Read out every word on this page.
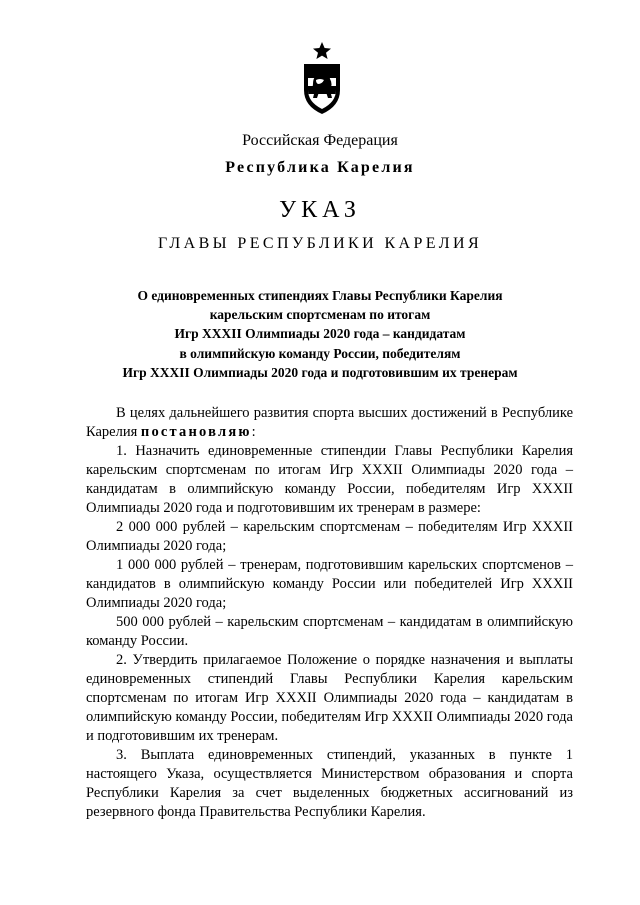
Российская Федерация
Республика Карелия
УКАЗ
ГЛАВЫ РЕСПУБЛИКИ КАРЕЛИЯ
О единовременных стипендиях Главы Республики Карелия
карельским спортсменам по итогам
Игр XXXII Олимпиады 2020 года – кандидатам
в олимпийскую команду России, победителям
Игр XXXII Олимпиады 2020 года и подготовившим их тренерам

В целях дальнейшего развития спорта высших достижений в Республике Карелия постановляю:

1. Назначить единовременные стипендии Главы Республики Карелия карельским спортсменам по итогам Игр XXXII Олимпиады 2020 года – кандидатам в олимпийскую команду России, победителям Игр XXXII Олимпиады 2020 года и подготовившим их тренерам в размере:

2 000 000 рублей – карельским спортсменам – победителям Игр XXXII Олимпиады 2020 года;

1 000 000 рублей – тренерам, подготовившим карельских спортсменов – кандидатов в олимпийскую команду России или победителей Игр XXXII Олимпиады 2020 года;

500 000 рублей – карельским спортсменам – кандидатам в олимпийскую команду России.

2. Утвердить прилагаемое Положение о порядке назначения и выплаты единовременных стипендий Главы Республики Карелия карельским спортсменам по итогам Игр XXXII Олимпиады 2020 года – кандидатам в олимпийскую команду России, победителям Игр XXXII Олимпиады 2020 года и подготовившим их тренерам.

3. Выплата единовременных стипендий, указанных в пункте 1 настоящего Указа, осуществляется Министерством образования и спорта Республики Карелия за счет выделенных бюджетных ассигнований из резервного фонда Правительства Республики Карелия.
